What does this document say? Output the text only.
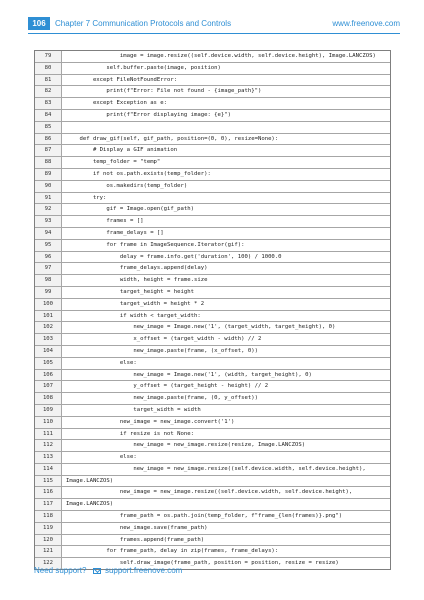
106	Chapter 7 Communication Protocols and Controls	www.freenove.com
79	image = image.resize((self.device.width, self.device.height), Image.LANCZOS)
80	self.buffer.paste(image, position)
81	except FileNotFoundError:
82	print(f"Error: File not found - {image_path}")
83	except Exception as e:
84	print(f"Error displaying image: {e}")
85
86	def draw_gif(self, gif_path, position=(0, 0), resize=None):
87	# Display a GIF animation
88	temp_folder = "temp"
89	if not os.path.exists(temp_folder):
90	os.makedirs(temp_folder)
91	try:
92	gif = Image.open(gif_path)
93	frames = []
94	frame_delays = []
95	for frame in ImageSequence.Iterator(gif):
96	delay = frame.info.get('duration', 100) / 1000.0
97	frame_delays.append(delay)
98	width, height = frame.size
99	target_height = height
100	target_width = height * 2
101	if width < target_width:
102	new_image = Image.new('1', (target_width, target_height), 0)
103	x_offset = (target_width - width) // 2
104	new_image.paste(frame, (x_offset, 0))
105	else:
106	new_image = Image.new('1', (width, target_height), 0)
107	y_offset = (target_height - height) // 2
108	new_image.paste(frame, (0, y_offset))
109	target_width = width
110	new_image = new_image.convert('1')
111	if resize is not None:
112	new_image = new_image.resize(resize, Image.LANCZOS)
113	else:
114	new_image = new_image.resize((self.device.width, self.device.height),
115	Image.LANCZOS)
116	new_image = new_image.resize((self.device.width, self.device.height),
117	Image.LANCZOS)
118	frame_path = os.path.join(temp_folder, f"frame_{len(frames)}.png")
119	new_image.save(frame_path)
120	frames.append(frame_path)
121	for frame_path, delay in zip(frames, frame_delays):
122	self.draw_image(frame_path, position = position, resize = resize)
Need support? support.freenove.com
